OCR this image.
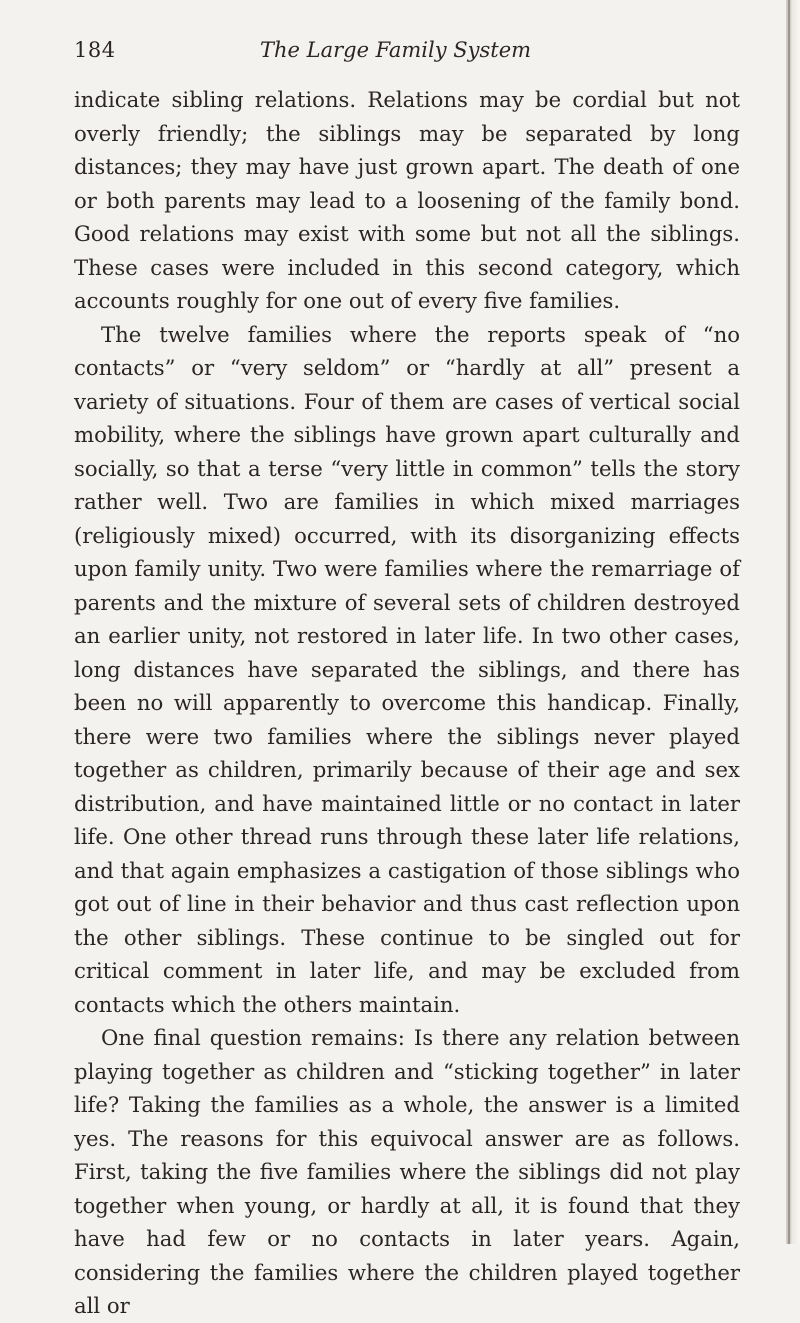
184	The Large Family System

indicate sibling relations. Relations may be cordial but not overly friendly; the siblings may be separated by long distances; they may have just grown apart. The death of one or both parents may lead to a loosening of the family bond. Good relations may exist with some but not all the siblings. These cases were included in this second category, which accounts roughly for one out of every five families.

The twelve families where the reports speak of “no contacts” or “very seldom” or “hardly at all” present a variety of situations. Four of them are cases of vertical social mobility, where the siblings have grown apart culturally and socially, so that a terse “very little in common” tells the story rather well. Two are families in which mixed marriages (religiously mixed) occurred, with its disorganizing effects upon family unity. Two were families where the remarriage of parents and the mixture of several sets of children destroyed an earlier unity, not restored in later life. In two other cases, long distances have separated the siblings, and there has been no will apparently to overcome this handicap. Finally, there were two families where the siblings never played together as children, primarily because of their age and sex distribution, and have maintained little or no contact in later life. One other thread runs through these later life relations, and that again emphasizes a castigation of those siblings who got out of line in their behavior and thus cast reflection upon the other siblings. These continue to be singled out for critical comment in later life, and may be excluded from contacts which the others maintain.

One final question remains: Is there any relation between playing together as children and “sticking together” in later life? Taking the families as a whole, the answer is a limited yes. The reasons for this equivocal answer are as follows. First, taking the five families where the siblings did not play together when young, or hardly at all, it is found that they have had few or no contacts in later years. Again, considering the families where the children played together all or
